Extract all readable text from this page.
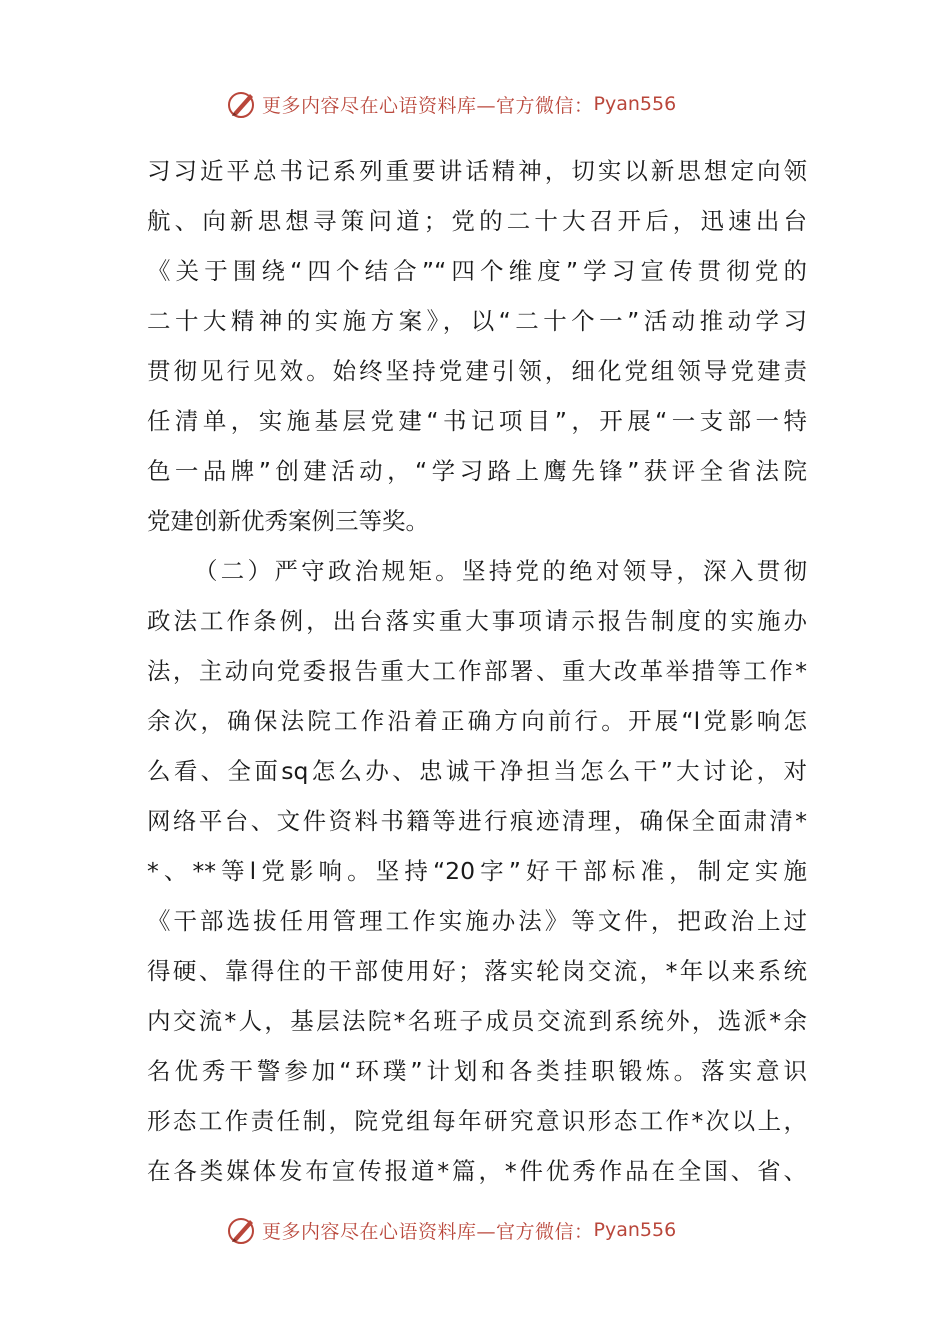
更多内容尽在心语资料库—官方微信： Pyan556
习习近平总书记系列重要讲话精神，切实以新思想定向领
航、向新思想寻策问道；党的二十大召开后，迅速出台
《关于围绕“四个结合”“四个维度”学习宣传贯彻党的
二十大精神的实施方案》，以“二十个一”活动推动学习
贯彻见行见效。始终坚持党建引领，细化党组领导党建责
任清单，实施基层党建“书记项目”，开展“一支部一特
色一品牌”创建活动，“学习路上鹰先锋”获评全省法院
党建创新优秀案例三等奖。
（二）严守政治规矩。坚持党的绝对领导，深入贯彻
政法工作条例，出台落实重大事项请示报告制度的实施办
法，主动向党委报告重大工作部署、重大改革举措等工作*
余次，确保法院工作沿着正确方向前行。开展“l党影响怎
么看、全面sq怎么办、忠诚干净担当怎么干”大讨论，对
网络平台、文件资料书籍等进行痕迹清理，确保全面肃清*
*、**等l党影响。坚持“20字”好干部标准，制定实施
《干部选拔任用管理工作实施办法》等文件，把政治上过
得硬、靠得住的干部使用好；落实轮岗交流，*年以来系统
内交流*人，基层法院*名班子成员交流到系统外，选派*余
名优秀干警参加“环璞”计划和各类挂职锻炼。落实意识
形态工作责任制，院党组每年研究意识形态工作*次以上，
在各类媒体发布宣传报道*篇，*件优秀作品在全国、省、
更多内容尽在心语资料库—官方微信： Pyan556
